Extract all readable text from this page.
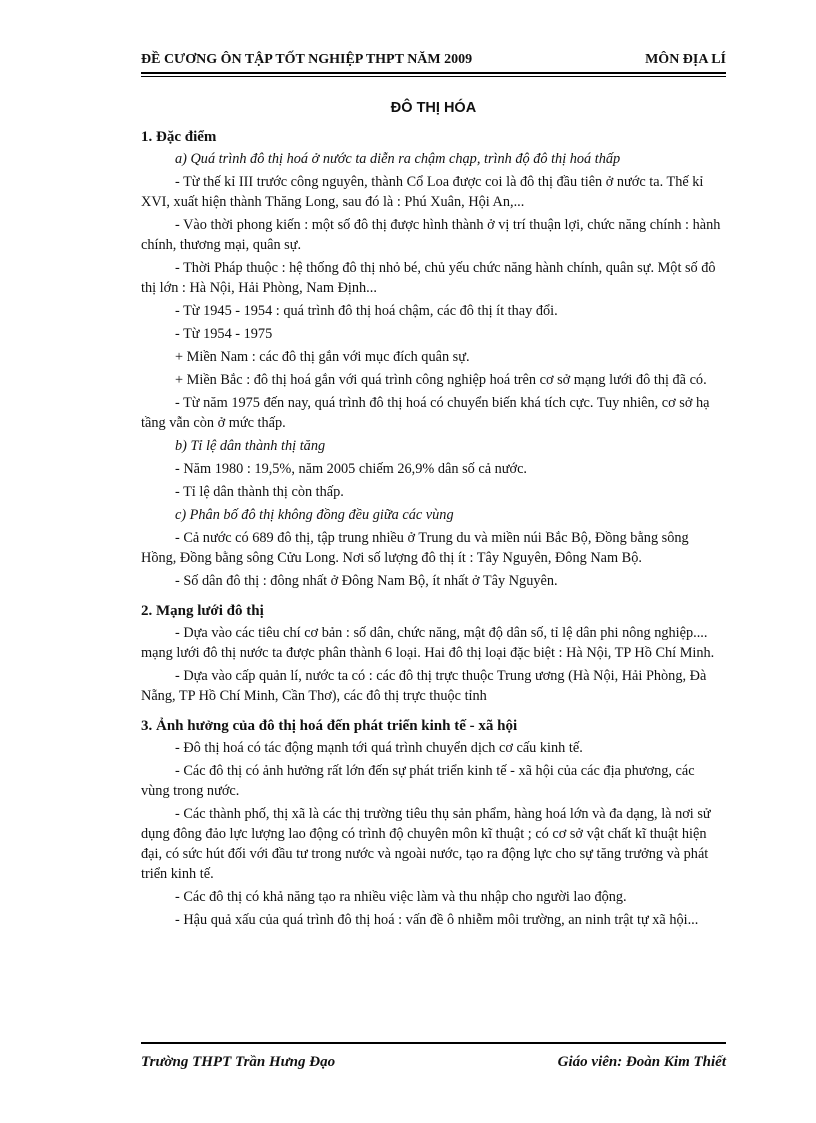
ĐỀ CƯƠNG ÔN TẬP TỐT NGHIỆP THPT NĂM 2009	MÔN ĐỊA LÍ
ĐÔ THỊ HÓA
1. Đặc điểm

a) Quá trình đô thị hoá ở nước ta diễn ra chậm chạp, trình độ đô thị hoá thấp

- Từ thế kỉ III trước công nguyên, thành Cổ Loa được coi là đô thị đầu tiên ở nước ta. Thế kỉ XVI, xuất hiện thành Thăng Long, sau đó là : Phú Xuân, Hội An,...

- Vào thời phong kiến : một số đô thị được hình thành ở vị trí thuận lợi, chức năng chính : hành chính, thương mại, quân sự.

- Thời Pháp thuộc : hệ thống đô thị nhỏ bé, chủ yếu chức năng hành chính, quân sự. Một số đô thị lớn : Hà Nội, Hải Phòng, Nam Định...

- Từ 1945 - 1954 : quá trình đô thị hoá chậm, các đô thị ít thay đổi.

- Từ 1954 - 1975

+ Miền Nam : các đô thị gắn với mục đích quân sự.

+ Miền Bắc : đô thị hoá gắn với quá trình công nghiệp hoá trên cơ sở mạng lưới đô thị đã có.

- Từ năm 1975 đến nay, quá trình đô thị hoá có chuyển biến khá tích cực. Tuy nhiên, cơ sở hạ tầng vẫn còn ở mức thấp.

b) Tỉ lệ dân thành thị tăng

- Năm 1980 : 19,5%, năm 2005 chiếm 26,9% dân số cả nước.

- Tỉ lệ dân thành thị còn thấp.

c) Phân bố đô thị không đồng đều giữa các vùng

- Cả nước có 689 đô thị, tập trung nhiều ở Trung du và miền núi Bắc Bộ, Đồng bằng sông Hồng, Đồng bằng sông Cửu Long. Nơi số lượng đô thị ít : Tây Nguyên, Đông Nam Bộ.

- Số dân đô thị : đông nhất ở Đông Nam Bộ, ít nhất ở Tây Nguyên.

2. Mạng lưới đô thị

- Dựa vào các tiêu chí cơ bản : số dân, chức năng, mật độ dân số, tỉ lệ dân phi nông nghiệp.... mạng lưới đô thị nước ta được phân thành 6 loại. Hai đô thị loại đặc biệt : Hà Nội, TP Hồ Chí Minh.

- Dựa vào cấp quản lí, nước ta có : các đô thị trực thuộc Trung ương (Hà Nội, Hải Phòng, Đà Nẵng, TP Hồ Chí Minh, Cần Thơ), các đô thị trực thuộc tỉnh

3. Ảnh hưởng của đô thị hoá đến phát triển kinh tế - xã hội

- Đô thị hoá có tác động mạnh tới quá trình chuyển dịch cơ cấu kinh tế.

- Các đô thị có ảnh hưởng rất lớn đến sự phát triển kinh tế - xã hội của các địa phương, các vùng trong nước.

- Các thành phố, thị xã là các thị trường tiêu thụ sản phẩm, hàng hoá lớn và đa dạng, là nơi sử dụng đông đảo lực lượng lao động có trình độ chuyên môn kĩ thuật ; có cơ sở vật chất kĩ thuật hiện đại, có sức hút đối với đầu tư trong nước và ngoài nước, tạo ra động lực cho sự tăng trưởng và phát triển kinh tế.

- Các đô thị có khả năng tạo ra nhiều việc làm và thu nhập cho người lao động.

- Hậu quả xấu của quá trình đô thị hoá : vấn đề ô nhiễm môi trường, an ninh trật tự xã hội...

Trường THPT Trần Hưng Đạo	Giáo viên: Đoàn Kim Thiết
